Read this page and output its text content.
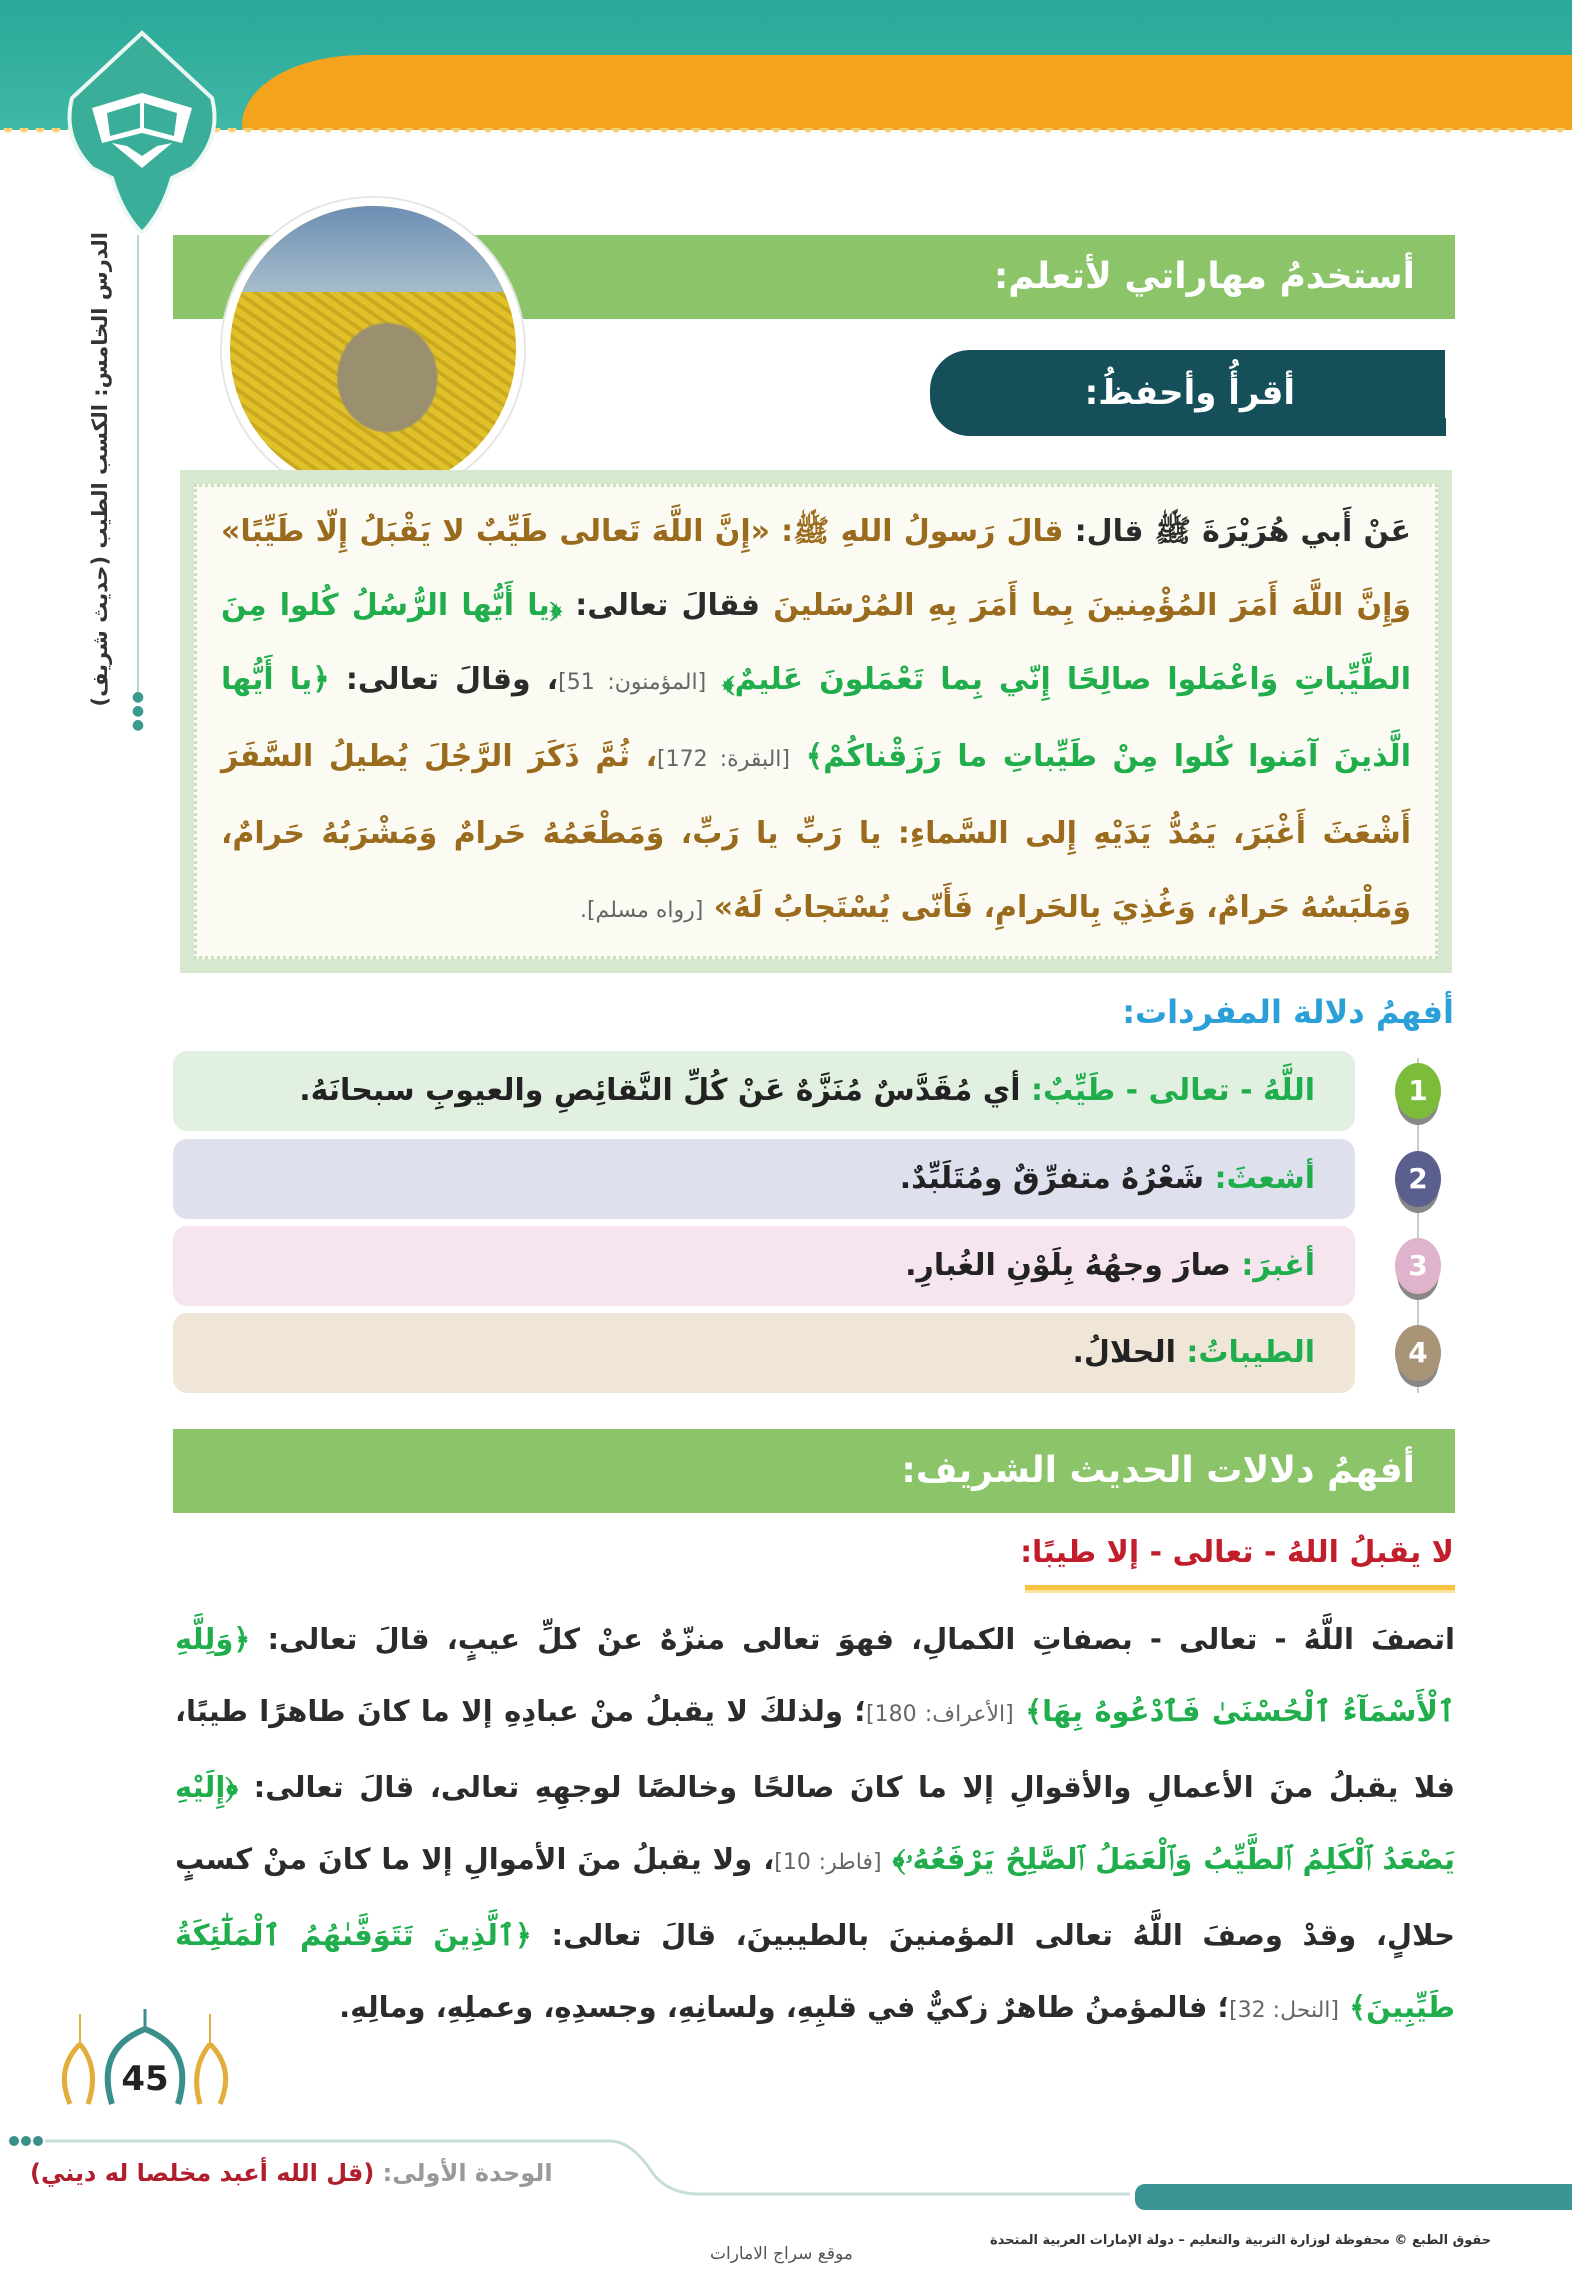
●
●
●
الدرس الخامس: الكسب الطيب (حديث شريف)	أستخدمُ مهاراتي لأتعلم:
أقرأُ وأحفظُ:
عَنْ أَبي هُرَيْرَةَ ﷺ قال: قالَ رَسولُ اللهِ ﷺ: «إِنَّ اللَّهَ تَعالى طَيِّبٌ لا يَقْبَلُ إِلّا طَيِّبًا» وَإِنَّ اللَّهَ أَمَرَ المُؤْمِنينَ بِما أَمَرَ بِهِ المُرْسَلينَ فقالَ تعالى: ﴿يا أَيُّها الرُّسُلُ كُلوا مِنَ الطَّيِّباتِ وَاعْمَلوا صالِحًا إِنّي بِما تَعْمَلونَ عَليمٌ﴾ [المؤمنون: 51]، وقالَ تعالى: ﴿يا أَيُّها الَّذينَ آمَنوا كُلوا مِنْ طَيِّباتِ ما رَزَقْناكُمْ﴾ [البقرة: 172]، ثُمَّ ذَكَرَ الرَّجُلَ يُطيلُ السَّفَرَ أَشْعَثَ أَغْبَرَ، يَمُدُّ يَدَيْهِ إِلى السَّماءِ: يا رَبِّ يا رَبِّ، وَمَطْعَمُهُ حَرامٌ وَمَشْرَبُهُ حَرامٌ، وَمَلْبَسُهُ حَرامٌ، وَغُذِيَ بِالحَرامِ، فَأَنّى يُسْتَجابُ لَهُ» [رواه مسلم].
أفهمُ دلالة المفردات:
اللَّهُ - تعالى - طَيِّبٌ: أي مُقَدَّسٌ مُنَزَّهٌ عَنْ كُلِّ النَّقائِصِ والعيوبِ سبحانَهُ.	1
أشعثَ: شَعْرُهُ متفرِّقٌ ومُتَلَبِّدٌ.	2
أغبرَ: صارَ وجهُهُ بِلَوْنِ الغُبارِ.	3
الطيباتُ: الحلالُ.	4
أفهمُ دلالات الحديث الشريف:
لا يقبلُ اللهُ - تعالى - إلا طيبًا:
اتصفَ اللَّهُ - تعالى - بصفاتِ الكمالِ، فهوَ تعالى منزّهٌ عنْ كلِّ عيبٍ، قالَ تعالى: ﴿وَلِلَّهِ ٱلْأَسْمَآءُ ٱلْحُسْنَىٰ فَٱدْعُوهُ بِهَا﴾ [الأعراف: 180]؛ ولذلكَ لا يقبلُ منْ عبادِهِ إلا ما كانَ طاهرًا طيبًا، فلا يقبلُ منَ الأعمالِ والأقوالِ إلا ما كانَ صالحًا وخالصًا لوجهِهِ تعالى، قالَ تعالى: ﴿إِلَيْهِ يَصْعَدُ ٱلْكَلِمُ ٱلطَّيِّبُ وَٱلْعَمَلُ ٱلصَّٰلِحُ يَرْفَعُهُۥ﴾ [فاطر: 10]، ولا يقبلُ منَ الأموالِ إلا ما كانَ منْ كسبٍ حلالٍ، وقدْ وصفَ اللَّهُ تعالى المؤمنينَ بالطيبينَ، قالَ تعالى: ﴿ٱلَّذِينَ تَتَوَفَّىٰهُمُ ٱلْمَلَٰٓئِكَةُ طَيِّبِينَ﴾ [النحل: 32]؛ فالمؤمنُ طاهرٌ زكيٌّ في قلبِهِ، ولسانِهِ، وجسدِهِ، وعملِهِ، ومالِهِ.
45
الوحدة الأولى: (قل الله أعبد مخلصا له ديني)
حقوق الطبع © محفوظة لوزارة التربية والتعليم – دولة الإمارات العربية المتحدة
موقع سراج الامارات
